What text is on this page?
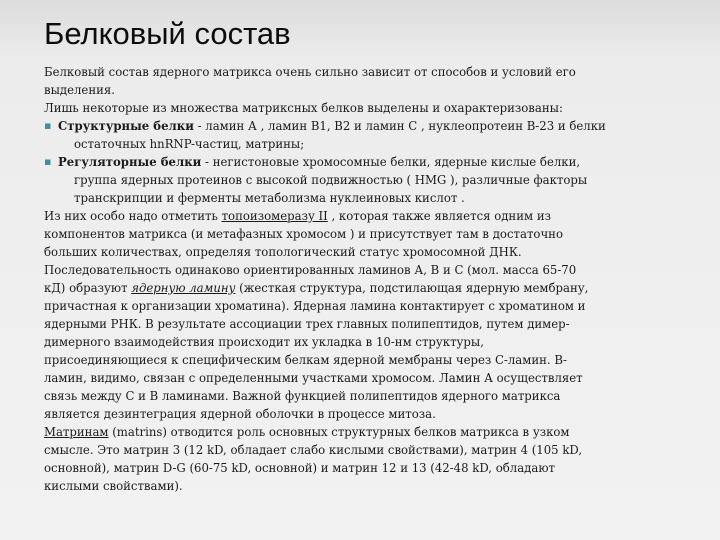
Белковый состав

Белковый состав ядерного матрикса очень сильно зависит от способов и условий его

выделения.

Лишь некоторые из множества матриксных белков выделены и охарактеризованы:

▪ Структурные белки - ламин А , ламин В1, В2 и ламин С , нуклеопротеин В-23 и белки
остаточных hnRNP-частиц, матрины;

▪ Регуляторные белки - негистоновые хромосомные белки, ядерные кислые белки,
группа ядерных протеинов с высокой подвижностью ( HMG ), различные факторы
транскрипции и ферменты метаболизма нуклеиновых кислот .

Из них особо надо отметить топоизомеразу II , которая также является одним из

компонентов матрикса (и метафазных хромосом ) и присутствует там в достаточно

больших количествах, определяя топологический статус хромосомной ДНК.

Последовательность одинаково ориентированных ламинов А, В и С (мол. масса 65-70

кД) образуют ядерную ламину (жесткая структура, подстилающая ядерную мембрану,

причастная к организации хроматина). Ядерная ламина контактирует с хроматином и

ядерными РНК. В результате ассоциации трех главных полипептидов, путем димер-

димерного взаимодействия происходит их укладка в 10-нм структуры,

присоединяющиеся к специфическим белкам ядерной мембраны через С-ламин. В-

ламин, видимо, связан с определенными участками хромосом. Ламин А осуществляет

связь между С и В ламинами. Важной функцией полипептидов ядерного матрикса

является дезинтеграция ядерной оболочки в процессе митоза.

Матринам (matrins) отводится роль основных структурных белков матрикса в узком

смысле. Это матрин 3 (12 kD, обладает слабо кислыми свойствами), матрин 4 (105 kD,

основной), матрин D-G (60-75 kD, основной) и матрин 12 и 13 (42-48 kD, обладают

кислыми свойствами).
